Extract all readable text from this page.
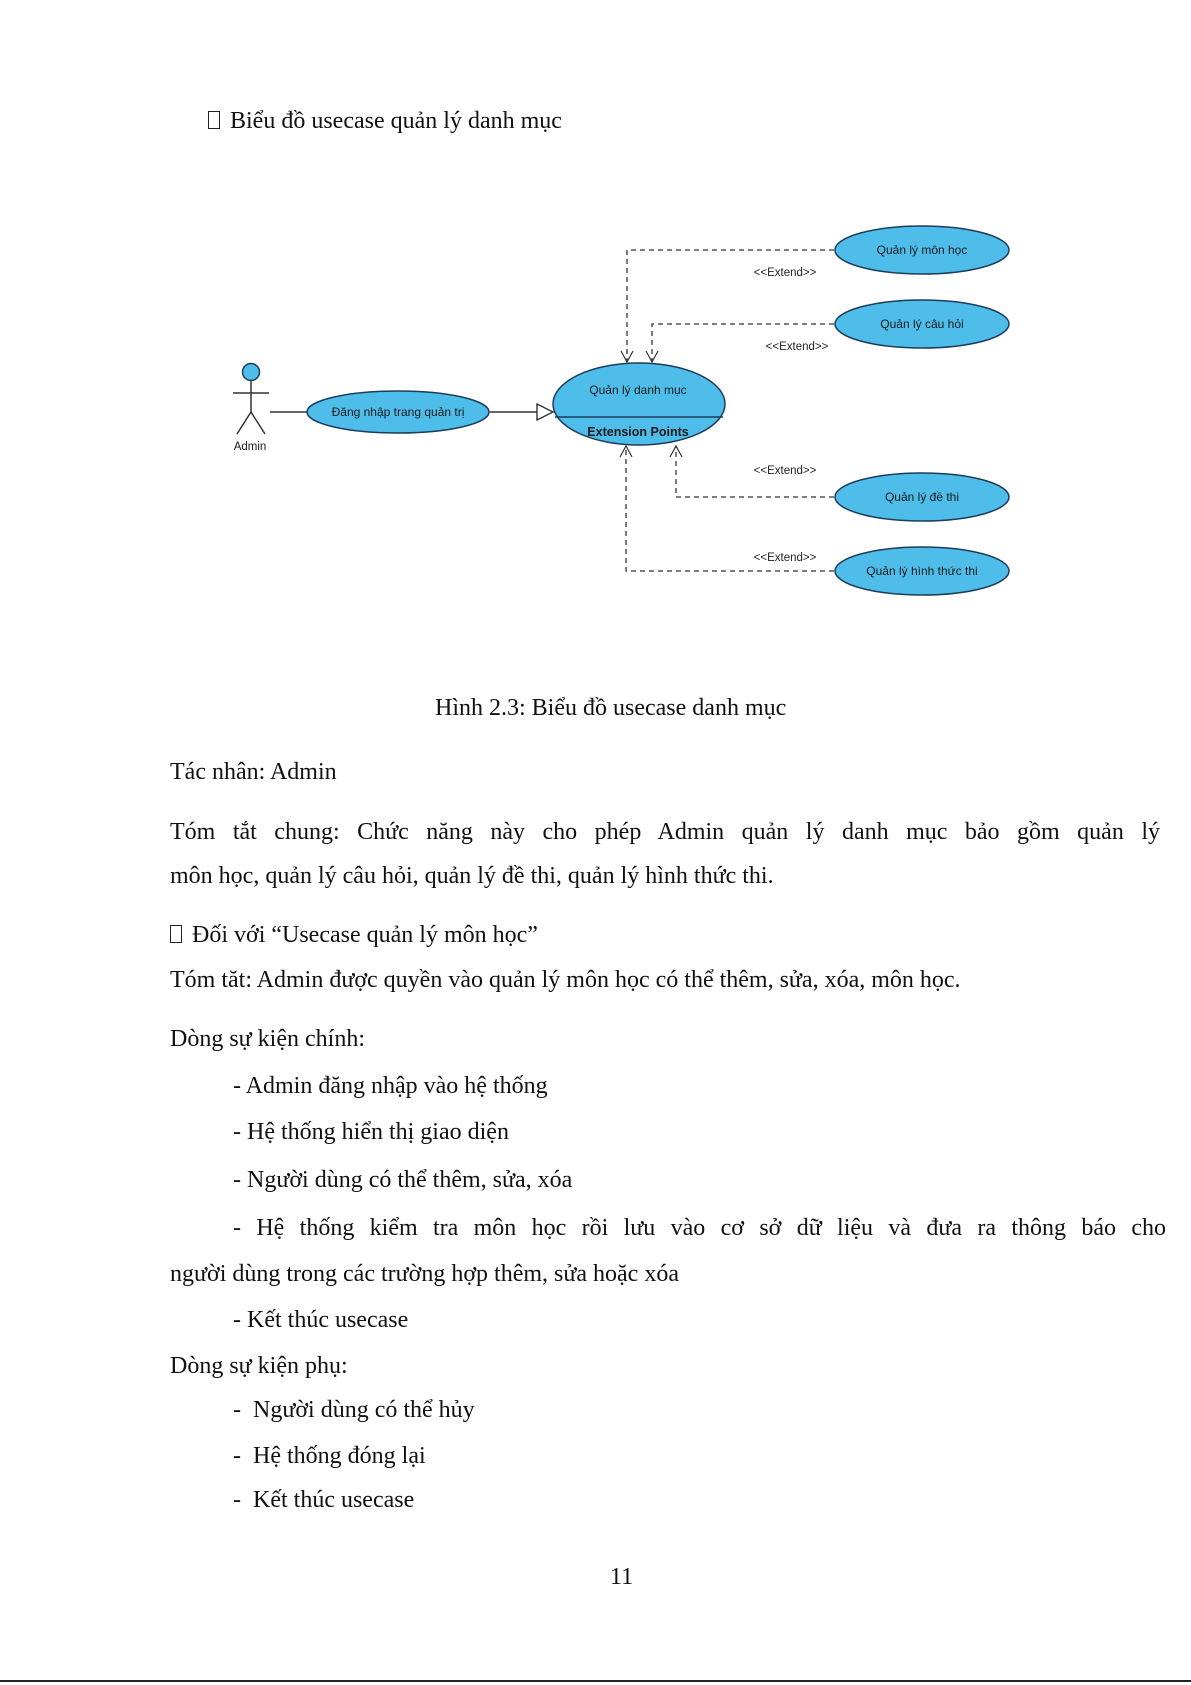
Biểu đồ usecase quản lý danh mục
Admin
Đăng nhập trang quản trị
Quản lý danh mục
Extension Points
Quản lý môn học
Quản lý câu hỏi
Quản lý đề thi
Quản lý hình thức thi
<<Extend>>
<<Extend>>
<<Extend>>
<<Extend>>
Hình 2.3: Biểu đồ usecase danh mục
Tác nhân: Admin
Tóm tắt chung: Chức năng này cho phép Admin quản lý danh mục bảo gồm quản lý
môn học, quản lý câu hỏi, quản lý đề thi, quản lý hình thức thi.
Đối với “Usecase quản lý môn học”
Tóm tăt: Admin được quyền vào quản lý môn học có thể thêm, sửa, xóa, môn học.
Dòng sự kiện chính:
- Admin đăng nhập vào hệ thống
- Hệ thống hiển thị giao diện
- Người dùng có thể thêm, sửa, xóa
- Hệ thống kiểm tra môn học rồi lưu vào cơ sở dữ liệu và đưa ra thông báo cho
người dùng trong các trường hợp thêm, sửa hoặc xóa
- Kết thúc usecase
Dòng sự kiện phụ:
-  Người dùng có thể hủy
-  Hệ thống đóng lại
-  Kết thúc usecase
11
